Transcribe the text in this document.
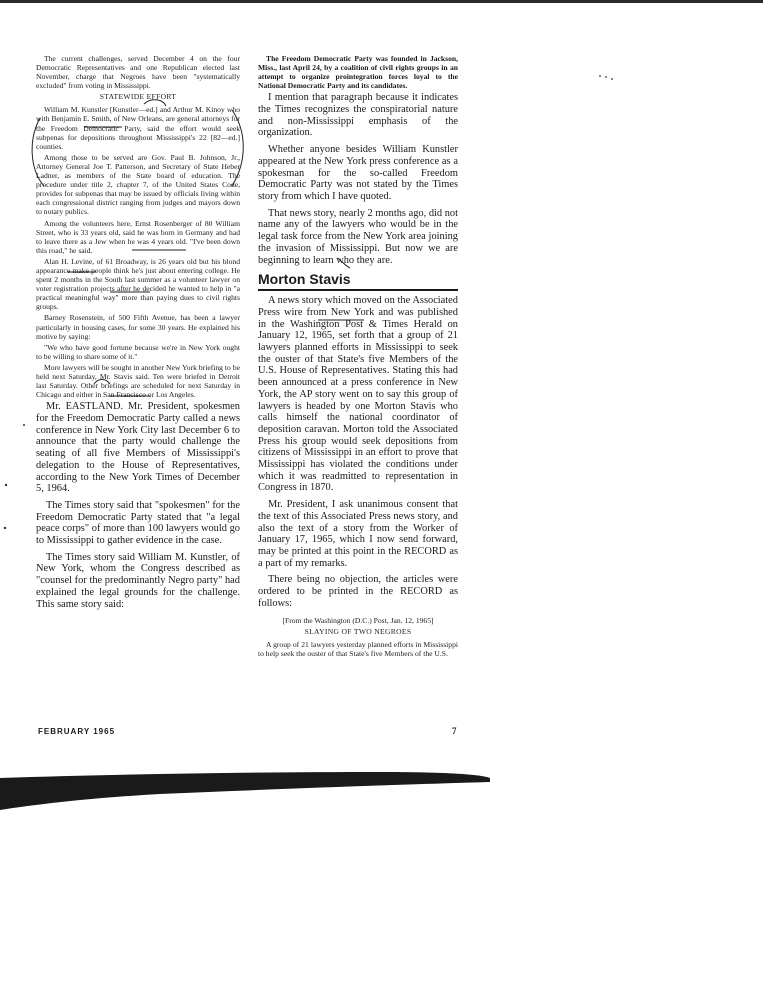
The current challenges, served December 4 on the four Democratic Representatives and one Republican elected last November, charge that Negroes have been "systematically excluded" from voting in Mississippi.

STATEWIDE EFFORT

William M. Kunstler [Kunstler—ed.] and Arthur M. Kinoy who with Benjamin E. Smith, of New Orleans, are general attorneys for the Freedom Democratic Party, said the effort would seek subpenas for depositions throughout Mississippi's 22 [82—ed.] counties.

Among those to be served are Gov. Paul B. Johnson, Jr., Attorney General Joe T. Patterson, and Secretary of State Heber Ladner, as members of the State board of education. The procedure under title 2, chapter 7, of the United States Code, provides for subpenas that may be issued by officials living within each congressional district ranging from judges and mayors down to notary publics.

Among the volunteers here, Ernst Rosenberger of 80 William Street, who is 33 years old, said he was born in Germany and had to leave there as a Jew when he was 4 years old. "I've been down this road," he said.

Alan H. Levine, of 61 Broadway, is 26 years old but his blond appearance make people think he's just about entering college. He spent 2 months in the South last summer as a volunteer lawyer on voter registration projects after he decided he wanted to help in "a practical meaningful way" more than paying dues to civil rights groups.

Barney Rosenstein, of 500 Fifth Avenue, has been a lawyer particularly in housing cases, for some 30 years. He explained his motive by saying:

"We who have good fortune because we're in New York ought to be willing to share some of it."

More lawyers will be sought in another New York briefing to be held next Saturday, Mr. Stavis said. Ten were briefed in Detroit last Saturday. Other briefings are scheduled for next Saturday in Chicago and either in San Francisco or Los Angeles.

Mr. EASTLAND. Mr. President, spokesmen for the Freedom Democratic Party called a news conference in New York City last December 6 to announce that the party would challenge the seating of all five Members of Mississippi's delegation to the House of Representatives, according to the New York Times of December 5, 1964.

The Times story said that "spokesmen" for the Freedom Democratic Party stated that "a legal peace corps" of more than 100 lawyers would go to Mississippi to gather evidence in the case.

The Times story said William M. Kunstler, of New York, whom the Congress described as "counsel for the predominantly Negro party" had explained the legal grounds for the challenge. This same story said:

The Freedom Democratic Party was founded in Jackson, Miss., last April 24, by a coalition of civil rights groups in an attempt to organize prointegration forces loyal to the National Democratic Party and its candidates.

I mention that paragraph because it indicates the Times recognizes the conspiratorial nature and non-Mississippi emphasis of the organization.

Whether anyone besides William Kunstler appeared at the New York press conference as a spokesman for the so-called Freedom Democratic Party was not stated by the Times story from which I have quoted.

That news story, nearly 2 months ago, did not name any of the lawyers who would be in the legal task force from the New York area joining the invasion of Mississippi. But now we are beginning to learn who they are.

Morton Stavis

A news story which moved on the Associated Press wire from New York and was published in the Washington Post & Times Herald on January 12, 1965, set forth that a group of 21 lawyers planned efforts in Mississippi to seek the ouster of that State's five Members of the U.S. House of Representatives. Stating this had been announced at a press conference in New York, the AP story went on to say this group of lawyers is headed by one Morton Stavis who calls himself the national coordinator of deposition caravan. Morton told the Associated Press his group would seek depositions from citizens of Mississippi in an effort to prove that Mississippi has violated the conditions under which it was readmitted to representation in Congress in 1870.

Mr. President, I ask unanimous consent that the text of this Associated Press news story, and also the text of a story from the Worker of January 17, 1965, which I now send forward, may be printed at this point in the RECORD as a part of my remarks.

There being no objection, the articles were ordered to be printed in the RECORD as follows:

[From the Washington (D.C.) Post, Jan. 12, 1965]

SLAYING OF TWO NEGROES

A group of 21 lawyers yesterday planned efforts in Mississippi to help seek the ouster of that State's five Members of the U.S.

FEBRUARY 1965	7
